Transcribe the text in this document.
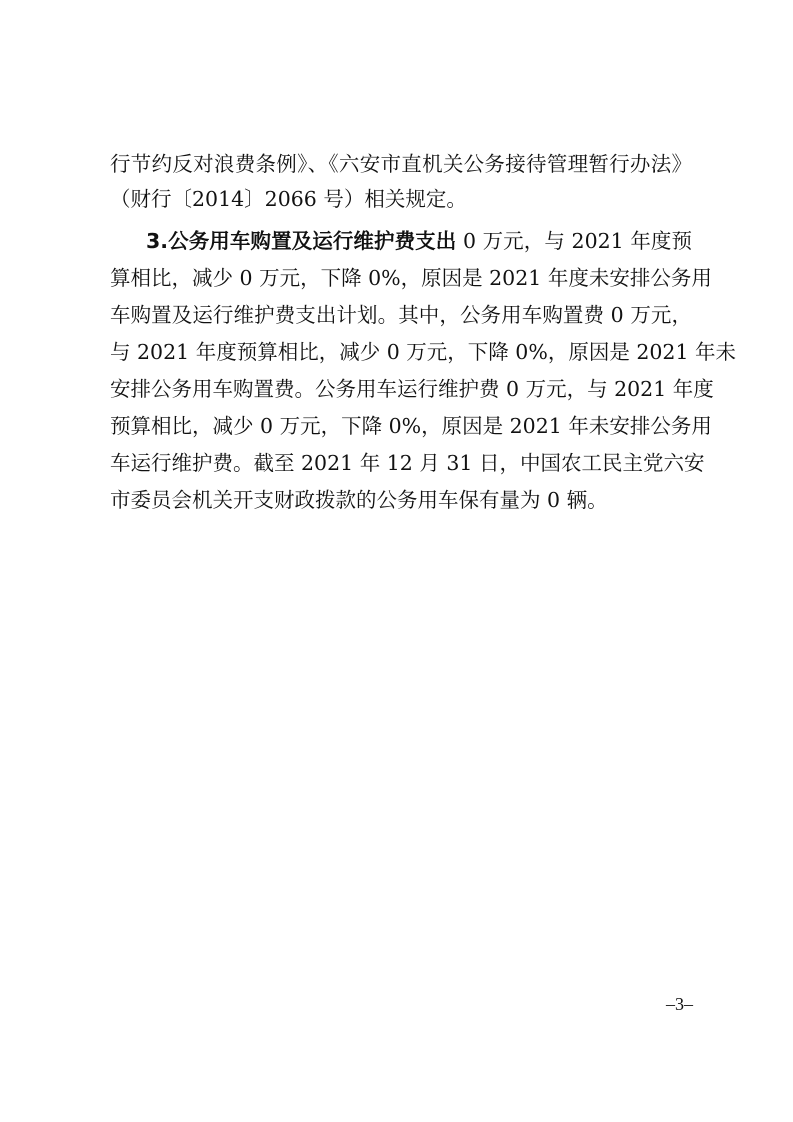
行节约反对浪费条例》、《六安市直机关公务接待管理暂行办法》
（财行〔2014〕2066 号）相关规定。
3.公务用车购置及运行维护费支出 0 万元，与 2021 年度预
算相比，减少 0 万元，下降 0%，原因是 2021 年度未安排公务用
车购置及运行维护费支出计划。其中，公务用车购置费 0 万元，
与 2021 年度预算相比，减少 0 万元，下降 0%，原因是 2021 年未
安排公务用车购置费。公务用车运行维护费 0 万元，与 2021 年度
预算相比，减少 0 万元，下降 0%，原因是 2021 年未安排公务用
车运行维护费。截至 2021 年 12 月 31 日，中国农工民主党六安
市委员会机关开支财政拨款的公务用车保有量为 0 辆。
–3–
